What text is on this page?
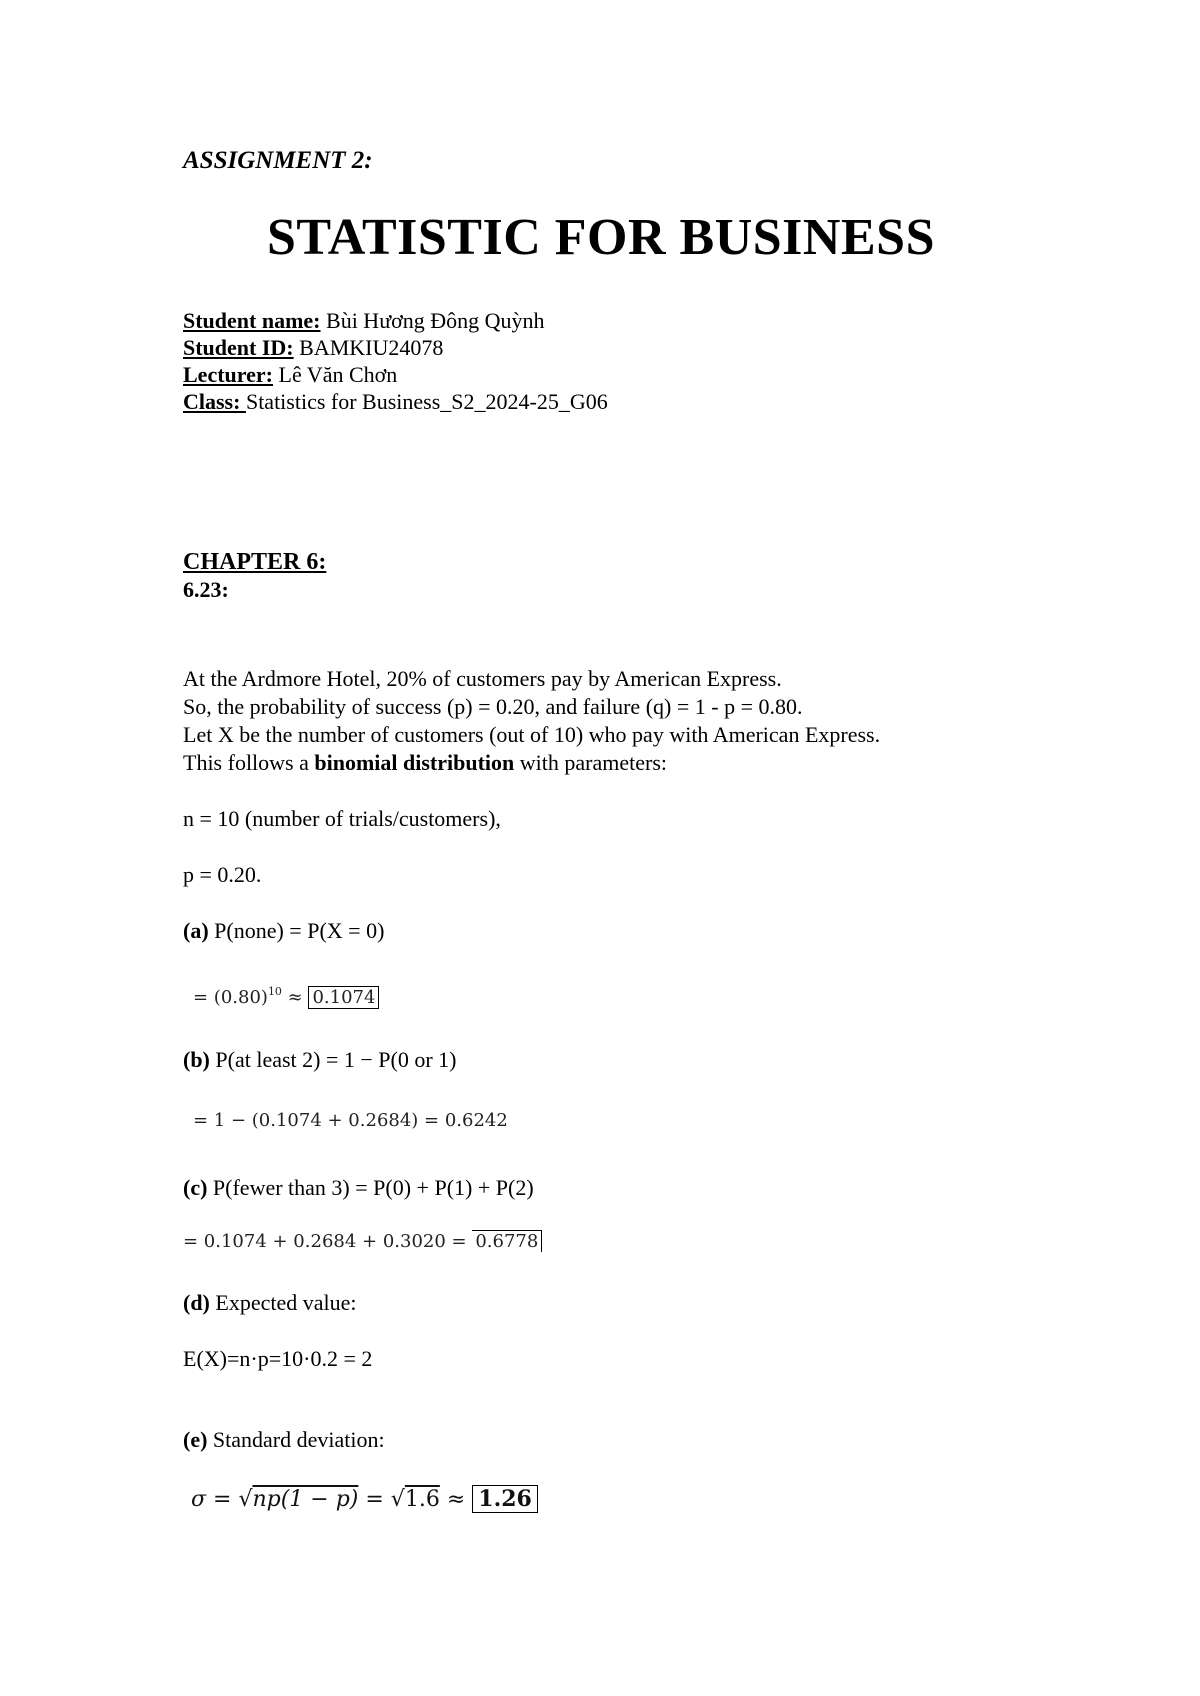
ASSIGNMENT 2:
STATISTIC FOR BUSINESS
Student name: Bùi Hương Đông Quỳnh
Student ID: BAMKIU24078
Lecturer: Lê Văn Chơn
Class: Statistics for Business_S2_2024-25_G06
CHAPTER 6:
6.23:
At the Ardmore Hotel, 20% of customers pay by American Express.
So, the probability of success (p) = 0.20, and failure (q) = 1 - p = 0.80.
Let X be the number of customers (out of 10) who pay with American Express.
This follows a binomial distribution with parameters:
n = 10 (number of trials/customers),
p = 0.20.
(a) P(none) = P(X = 0)
= $(0.80)^{10} \approx 0.1074$
(b) P(at least 2) = 1 − P(0 or 1)
= 1 − (0.1074 + 0.2684) = 0.6242
(c) P(fewer than 3) = P(0) + P(1) + P(2)
= 0.1074 + 0.2684 + 0.3020 = 0.6778
(d) Expected value:
E(X)=n·p=10·0.2 = 2
(e) Standard deviation:
σ = √np(1 − p) = √1.6 ≈ 1.26
